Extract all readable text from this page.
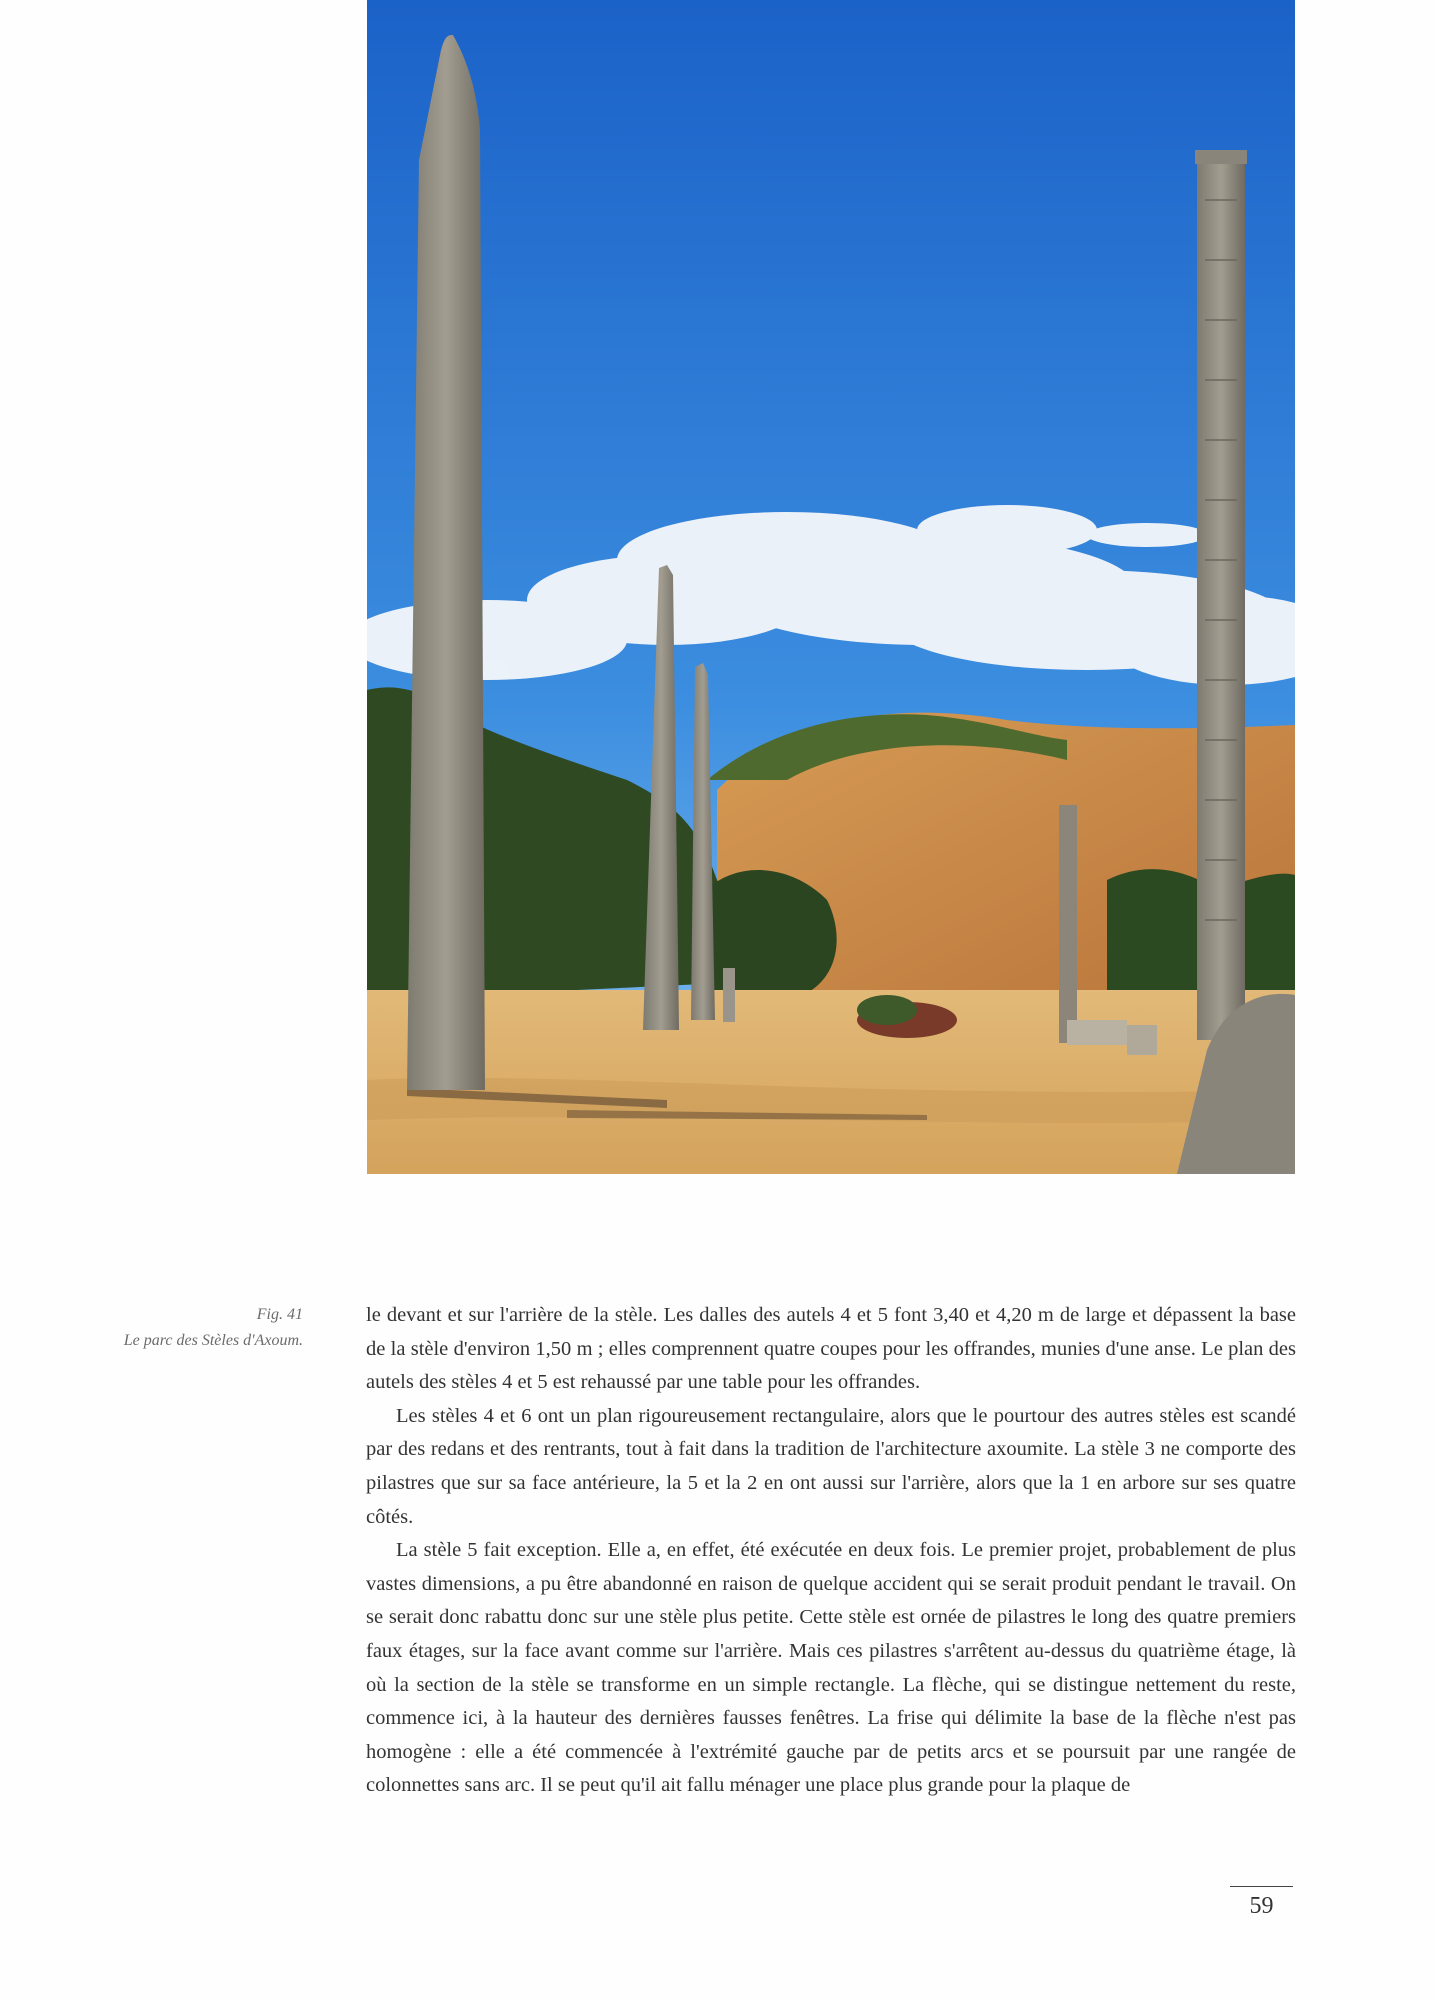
Fig. 41
Le parc des Stèles d'Axoum.

le devant et sur l'arrière de la stèle. Les dalles des autels 4 et 5 font 3,40 et 4,20 m de large et dépassent la base de la stèle d'environ 1,50 m ; elles comprennent quatre coupes pour les offrandes, munies d'une anse. Le plan des autels des stèles 4 et 5 est rehaussé par une table pour les offrandes.

Les stèles 4 et 6 ont un plan rigoureusement rectangulaire, alors que le pourtour des autres stèles est scandé par des redans et des rentrants, tout à fait dans la tradition de l'architecture axoumite. La stèle 3 ne comporte des pilastres que sur sa face antérieure, la 5 et la 2 en ont aussi sur l'arrière, alors que la 1 en arbore sur ses quatre côtés.

La stèle 5 fait exception. Elle a, en effet, été exécutée en deux fois. Le premier projet, probablement de plus vastes dimensions, a pu être abandonné en raison de quelque accident qui se serait produit pendant le travail. On se serait donc rabattu donc sur une stèle plus petite. Cette stèle est ornée de pilastres le long des quatre premiers faux étages, sur la face avant comme sur l'arrière. Mais ces pilastres s'arrêtent au-dessus du quatrième étage, là où la section de la stèle se transforme en un simple rectangle. La flèche, qui se distingue nettement du reste, commence ici, à la hauteur des dernières fausses fenêtres. La frise qui délimite la base de la flèche n'est pas homogène : elle a été commencée à l'extrémité gauche par de petits arcs et se poursuit par une rangée de colonnettes sans arc. Il se peut qu'il ait fallu ménager une place plus grande pour la plaque de

59
